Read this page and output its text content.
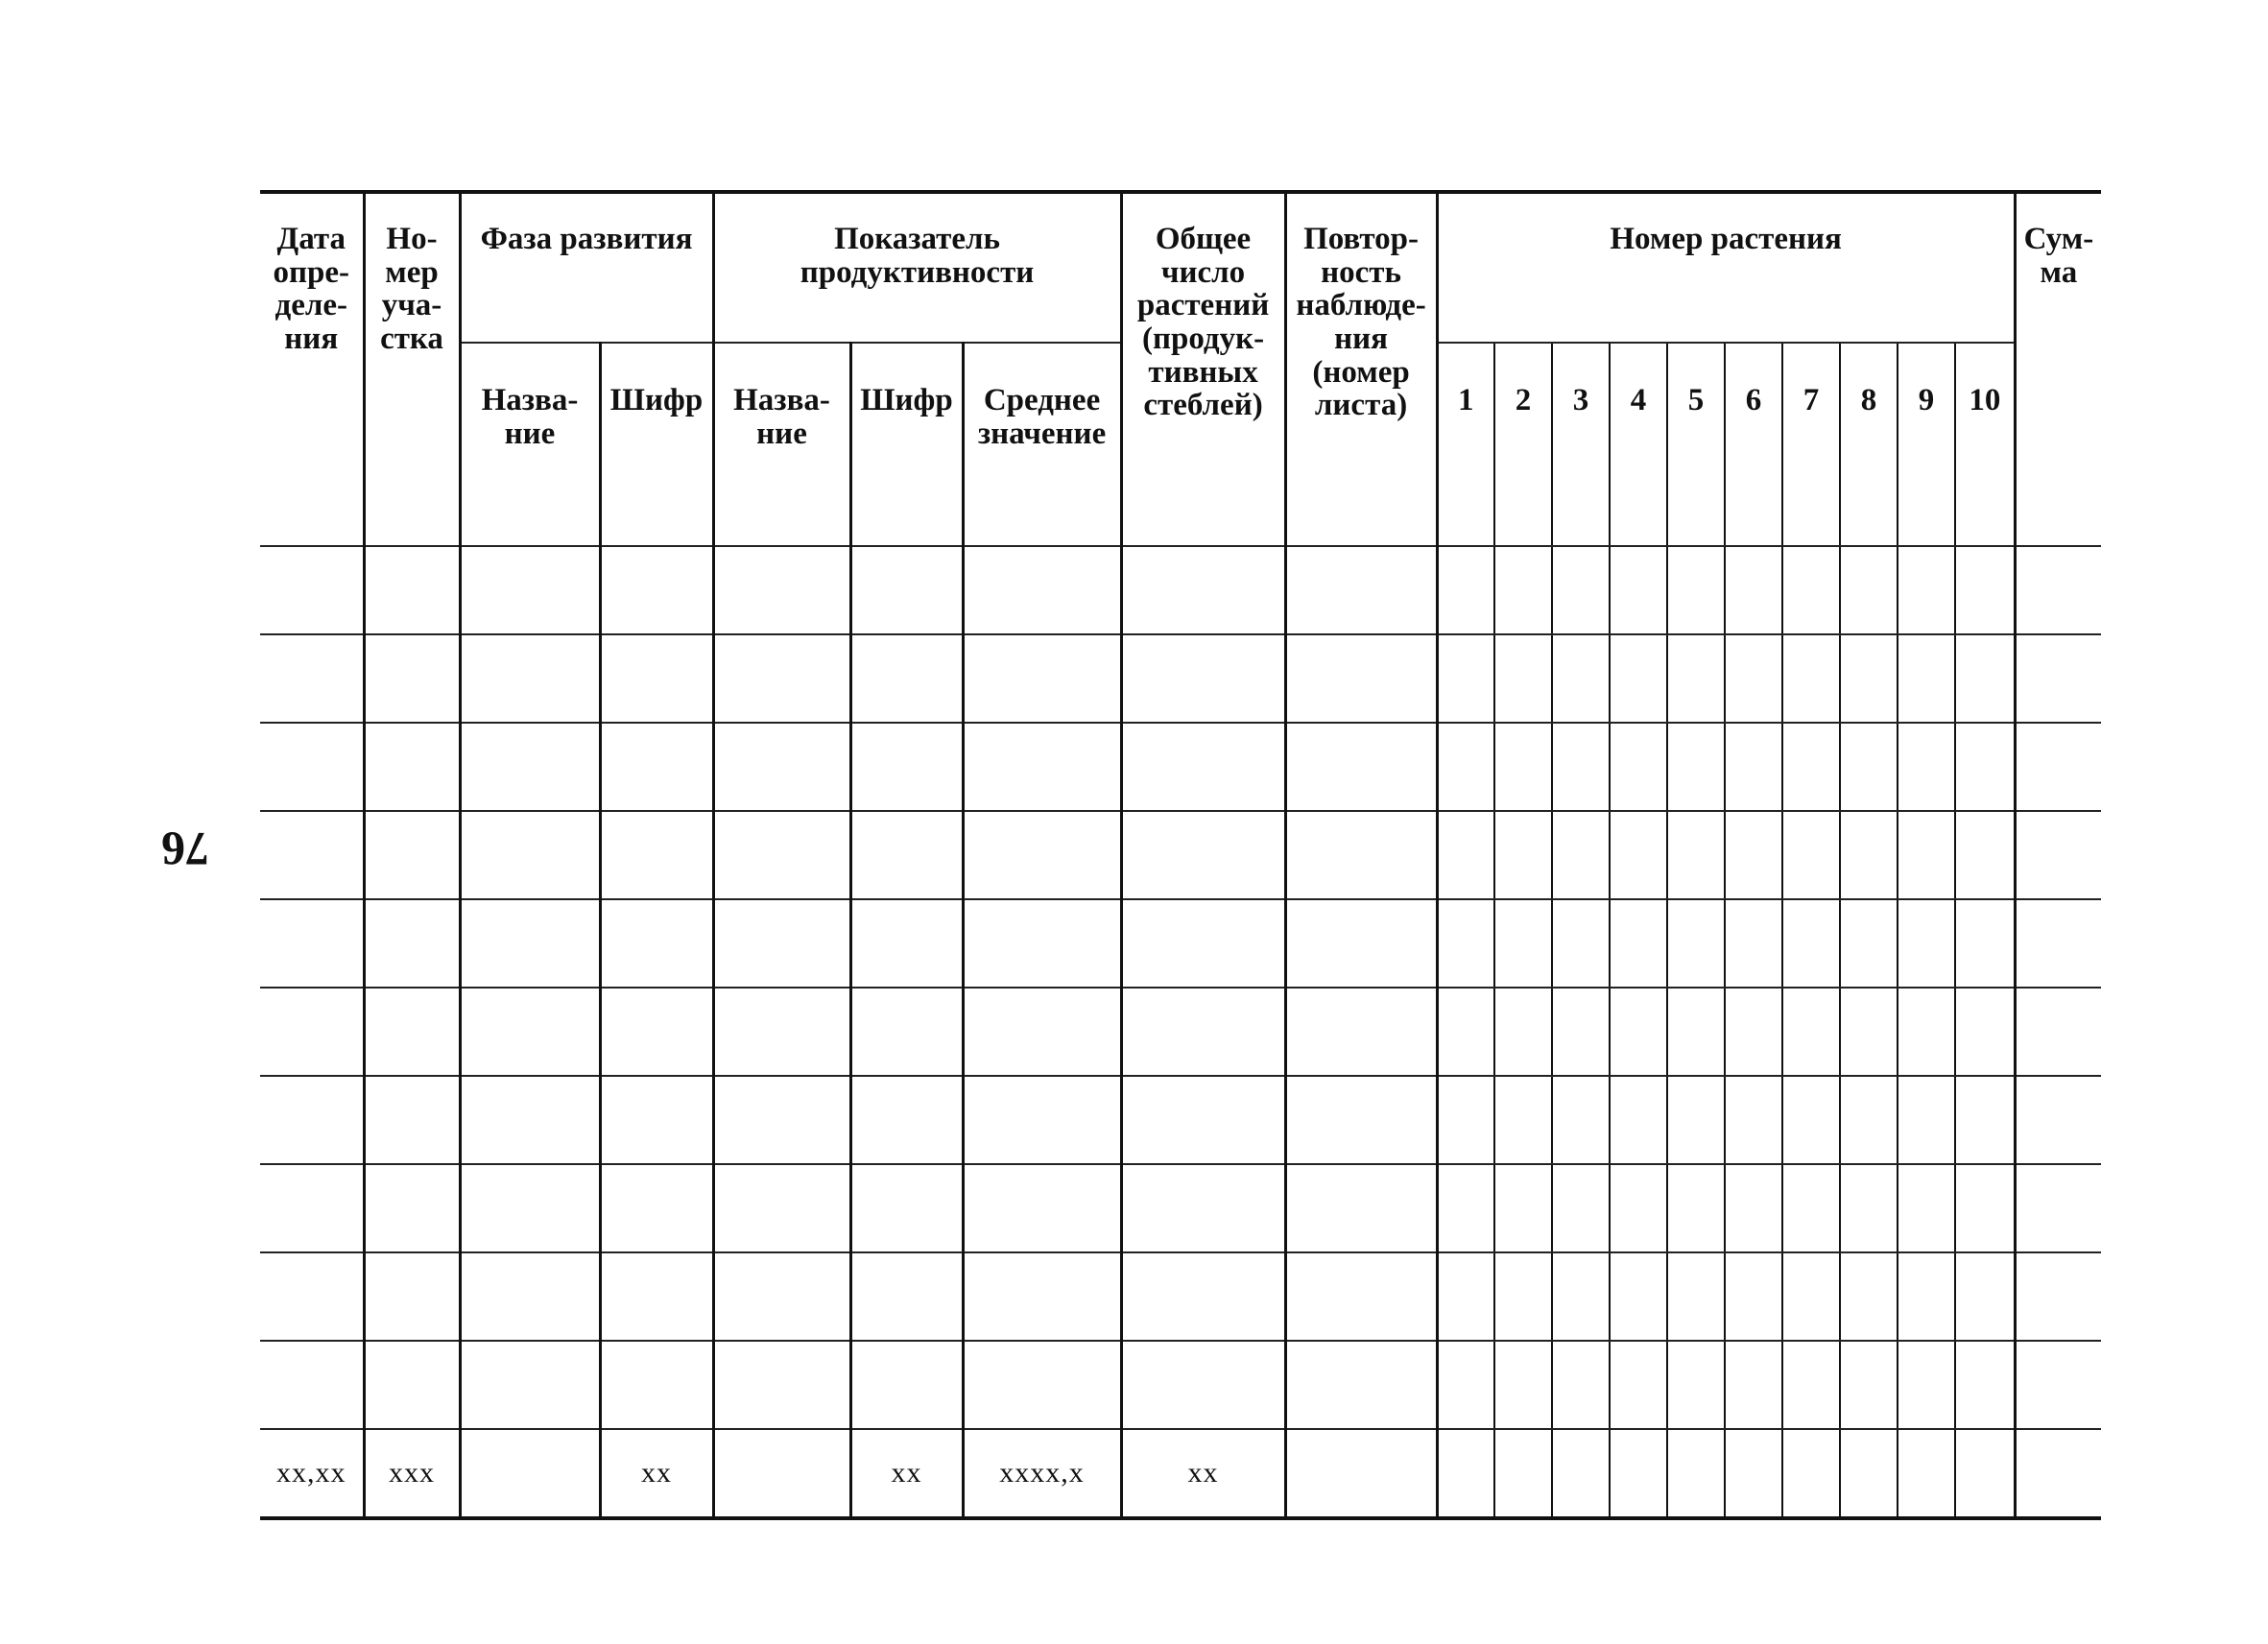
76
Дата опре-деле-ния	Но-мер уча-стка	Фаза развития		Показатель продуктивности			Общее число растений (продук-тивных стеблей)	Повтор-ность наблюде-ния (номер листа)	Номер растения										Сум-ма
		Назва-ние	Шифр	Назва-ние	Шифр	Среднее значение			1	2	3	4	5	6	7	8	9	10	

xx,xx	xxx		xx		xx	xxxx,x	xx												
